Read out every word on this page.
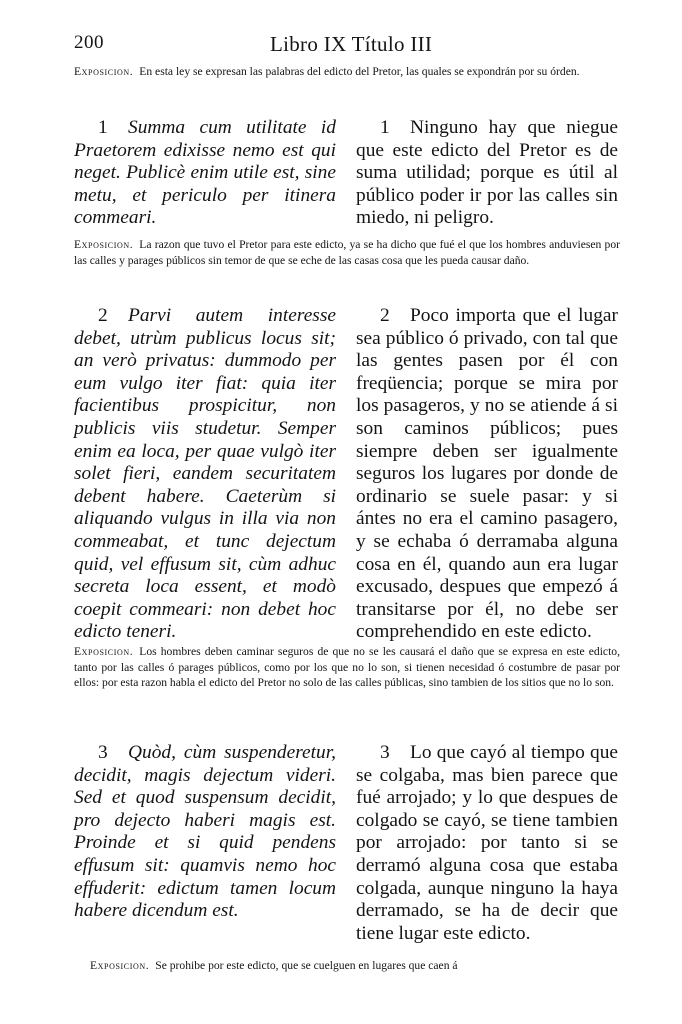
200	Libro IX Título III
Exposicion. En esta ley se expresan las palabras del edicto del Pretor, las quales se expondrán por su órden.
1 Summa cum utilitate id Praetorem edixisse nemo est qui neget. Publicè enim utile est, sine metu, et periculo per itinera commeari.
1 Ninguno hay que niegue que este edicto del Pretor es de suma utilidad; porque es útil al público poder ir por las calles sin miedo, ni peligro.
Exposicion. La razon que tuvo el Pretor para este edicto, ya se ha dicho que fué el que los hombres anduviesen por las calles y parages públicos sin temor de que se eche de las casas cosa que les pueda causar daño.
2 Parvi autem interesse debet, utrùm publicus locus sit; an verò privatus: dummodo per eum vulgo iter fiat: quia iter facientibus prospicitur, non publicis viis studetur. Semper enim ea loca, per quae vulgò iter solet fieri, eandem securitatem debent habere. Caeterùm si aliquando vulgus in illa via non commeabat, et tunc dejectum quid, vel effusum sit, cùm adhuc secreta loca essent, et modò coepit commeari: non debet hoc edicto teneri.
2 Poco importa que el lugar sea público ó privado, con tal que las gentes pasen por él con freqüencia; porque se mira por los pasageros, y no se atiende á si son caminos públicos; pues siempre deben ser igualmente seguros los lugares por donde de ordinario se suele pasar: y si ántes no era el camino pasagero, y se echaba ó derramaba alguna cosa en él, quando aun era lugar excusado, despues que empezó á transitarse por él, no debe ser comprehendido en este edicto.
Exposicion. Los hombres deben caminar seguros de que no se les causará el daño que se expresa en este edicto, tanto por las calles ó parages públicos, como por los que no lo son, si tienen necesidad ó costumbre de pasar por ellos: por esta razon habla el edicto del Pretor no solo de las calles públicas, sino tambien de los sitios que no lo son.
3 Quòd, cùm suspenderetur, decidit, magis dejectum videri. Sed et quod suspensum decidit, pro dejecto haberi magis est. Proinde et si quid pendens effusum sit: quamvis nemo hoc effuderit: edictum tamen locum habere dicendum est.
3 Lo que cayó al tiempo que se colgaba, mas bien parece que fué arrojado; y lo que despues de colgado se cayó, se tiene tambien por arrojado: por tanto si se derramó alguna cosa que estaba colgada, aunque ninguno la haya derramado, se ha de decir que tiene lugar este edicto.
Exposicion. Se prohibe por este edicto, que se cuelguen en lugares que caen á
